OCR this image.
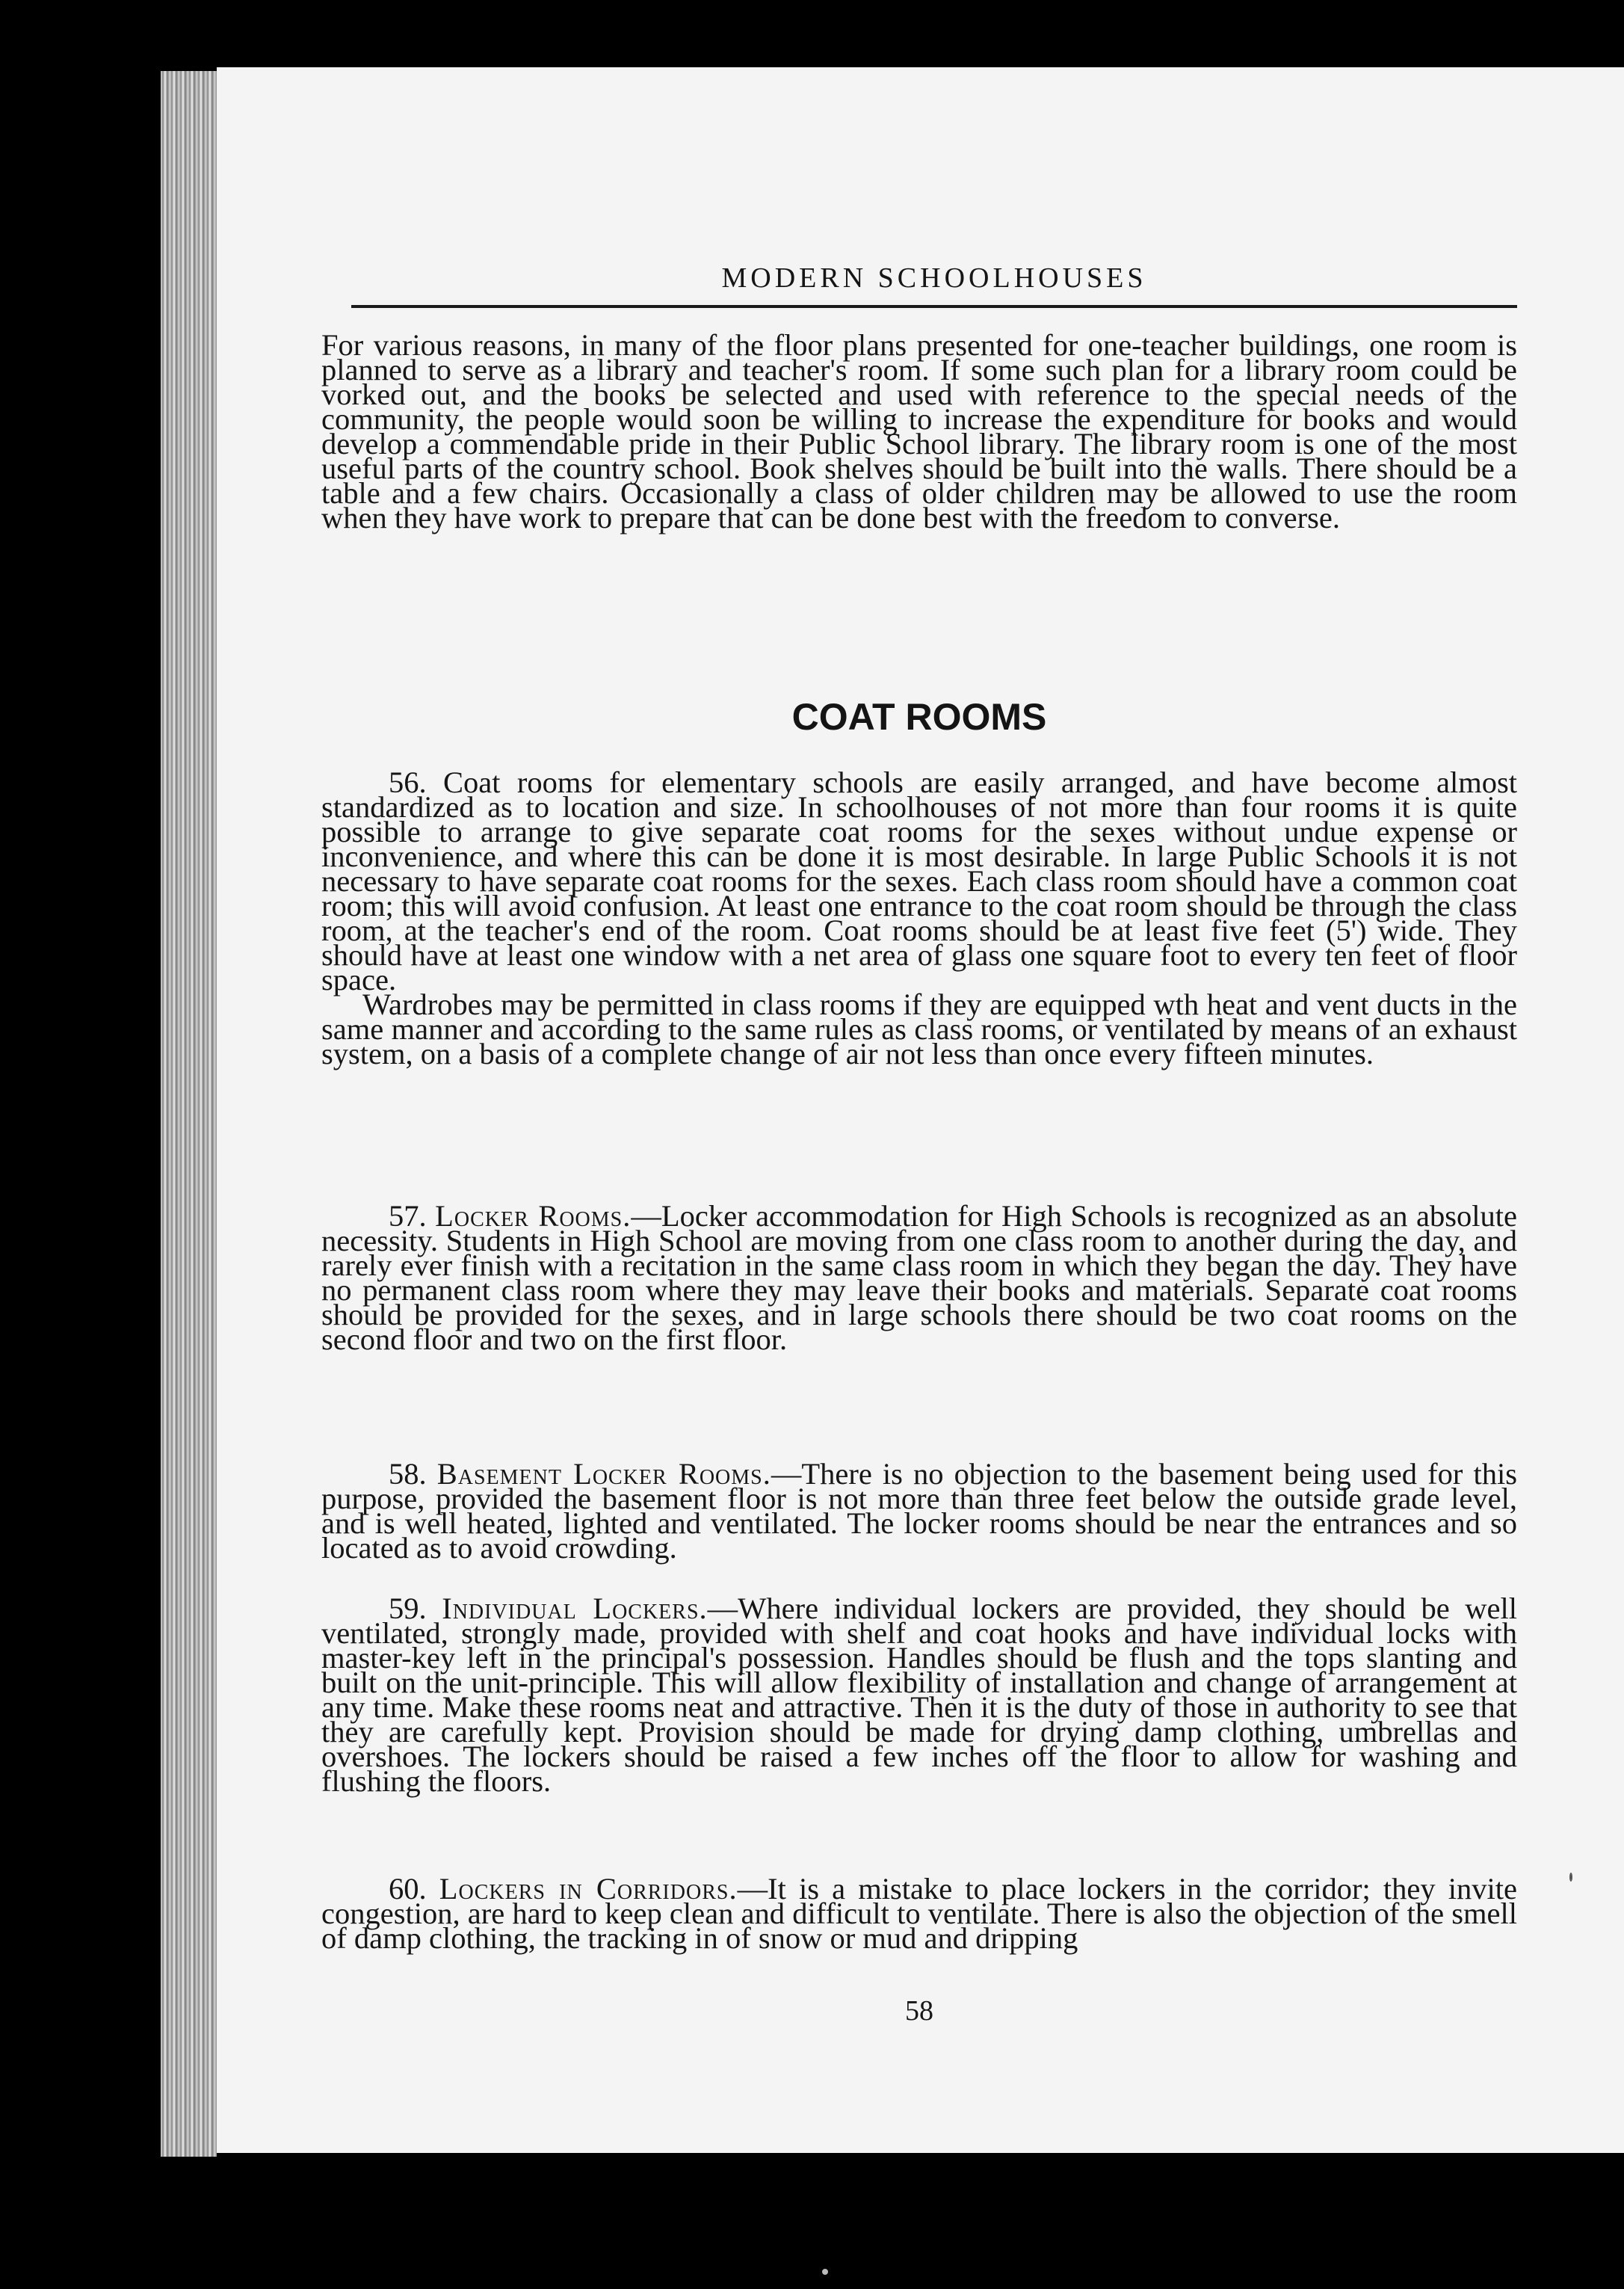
MODERN SCHOOLHOUSES

For various reasons, in many of the floor plans presented for one-teacher buildings, one room is planned to serve as a library and teacher's room. If some such plan for a library room could be vorked out, and the books be selected and used with reference to the special needs of the community, the people would soon be willing to increase the expenditure for books and would develop a commendable pride in their Public School library. The library room is one of the most useful parts of the country school. Book shelves should be built into the walls. There should be a table and a few chairs. Occasionally a class of older children may be allowed to use the room when they have work to prepare that can be done best with the freedom to converse.

COAT ROOMS

56. Coat rooms for elementary schools are easily arranged, and have become almost standardized as to location and size. In schoolhouses of not more than four rooms it is quite possible to arrange to give separate coat rooms for the sexes without undue expense or inconvenience, and where this can be done it is most desirable. In large Public Schools it is not necessary to have separate coat rooms for the sexes. Each class room should have a common coat room; this will avoid confusion. At least one entrance to the coat room should be through the class room, at the teacher's end of the room. Coat rooms should be at least five feet (5') wide. They should have at least one window with a net area of glass one square foot to every ten feet of floor space.

Wardrobes may be permitted in class rooms if they are equipped wth heat and vent ducts in the same manner and according to the same rules as class rooms, or ventilated by means of an exhaust system, on a basis of a complete change of air not less than once every fifteen minutes.

57. Locker Rooms.—Locker accommodation for High Schools is recognized as an absolute necessity. Students in High School are moving from one class room to another during the day, and rarely ever finish with a recitation in the same class room in which they began the day. They have no permanent class room where they may leave their books and materials. Separate coat rooms should be provided for the sexes, and in large schools there should be two coat rooms on the second floor and two on the first floor.

58. Basement Locker Rooms.—There is no objection to the basement being used for this purpose, provided the basement floor is not more than three feet below the outside grade level, and is well heated, lighted and ventilated. The locker rooms should be near the entrances and so located as to avoid crowding.

59. Individual Lockers.—Where individual lockers are provided, they should be well ventilated, strongly made, provided with shelf and coat hooks and have individual locks with master-key left in the principal's possession. Handles should be flush and the tops slanting and built on the unit-principle. This will allow flexibility of installation and change of arrangement at any time. Make these rooms neat and attractive. Then it is the duty of those in authority to see that they are carefully kept. Provision should be made for drying damp clothing, umbrellas and overshoes. The lockers should be raised a few inches off the floor to allow for washing and flushing the floors.

60. Lockers in Corridors.—It is a mistake to place lockers in the corridor; they invite congestion, are hard to keep clean and difficult to ventilate. There is also the objection of the smell of damp clothing, the tracking in of snow or mud and dripping

58
